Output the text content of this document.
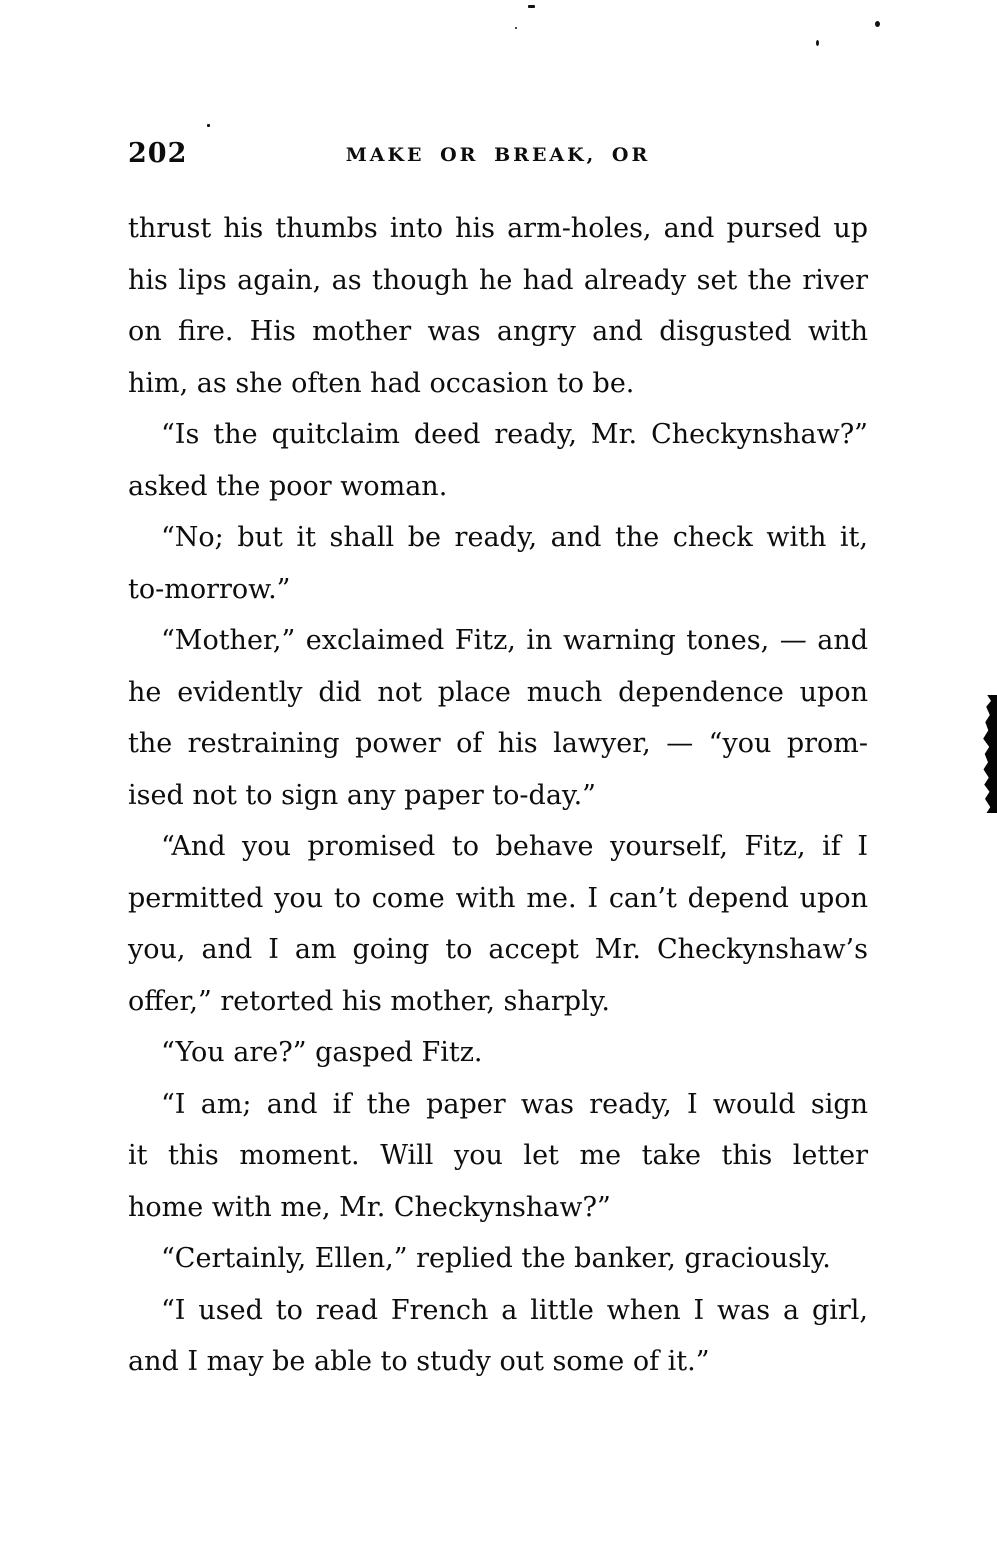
202	MAKE OR BREAK, OR
thrust his thumbs into his arm-holes, and pursed up
his lips again, as though he had already set the river
on fire. His mother was angry and disgusted with
him, as she often had occasion to be.
“Is the quitclaim deed ready, Mr. Checkynshaw?”
asked the poor woman.
“No; but it shall be ready, and the check with it,
to-morrow.”
“Mother,” exclaimed Fitz, in warning tones, — and
he evidently did not place much dependence upon
the restraining power of his lawyer, — “you prom-
ised not to sign any paper to-day.”
“And you promised to behave yourself, Fitz, if I
permitted you to come with me. I can’t depend upon
you, and I am going to accept Mr. Checkynshaw’s
offer,” retorted his mother, sharply.
“You are?” gasped Fitz.
“I am; and if the paper was ready, I would sign
it this moment. Will you let me take this letter
home with me, Mr. Checkynshaw?”
“Certainly, Ellen,” replied the banker, graciously.
“I used to read French a little when I was a girl,
and I may be able to study out some of it.”
